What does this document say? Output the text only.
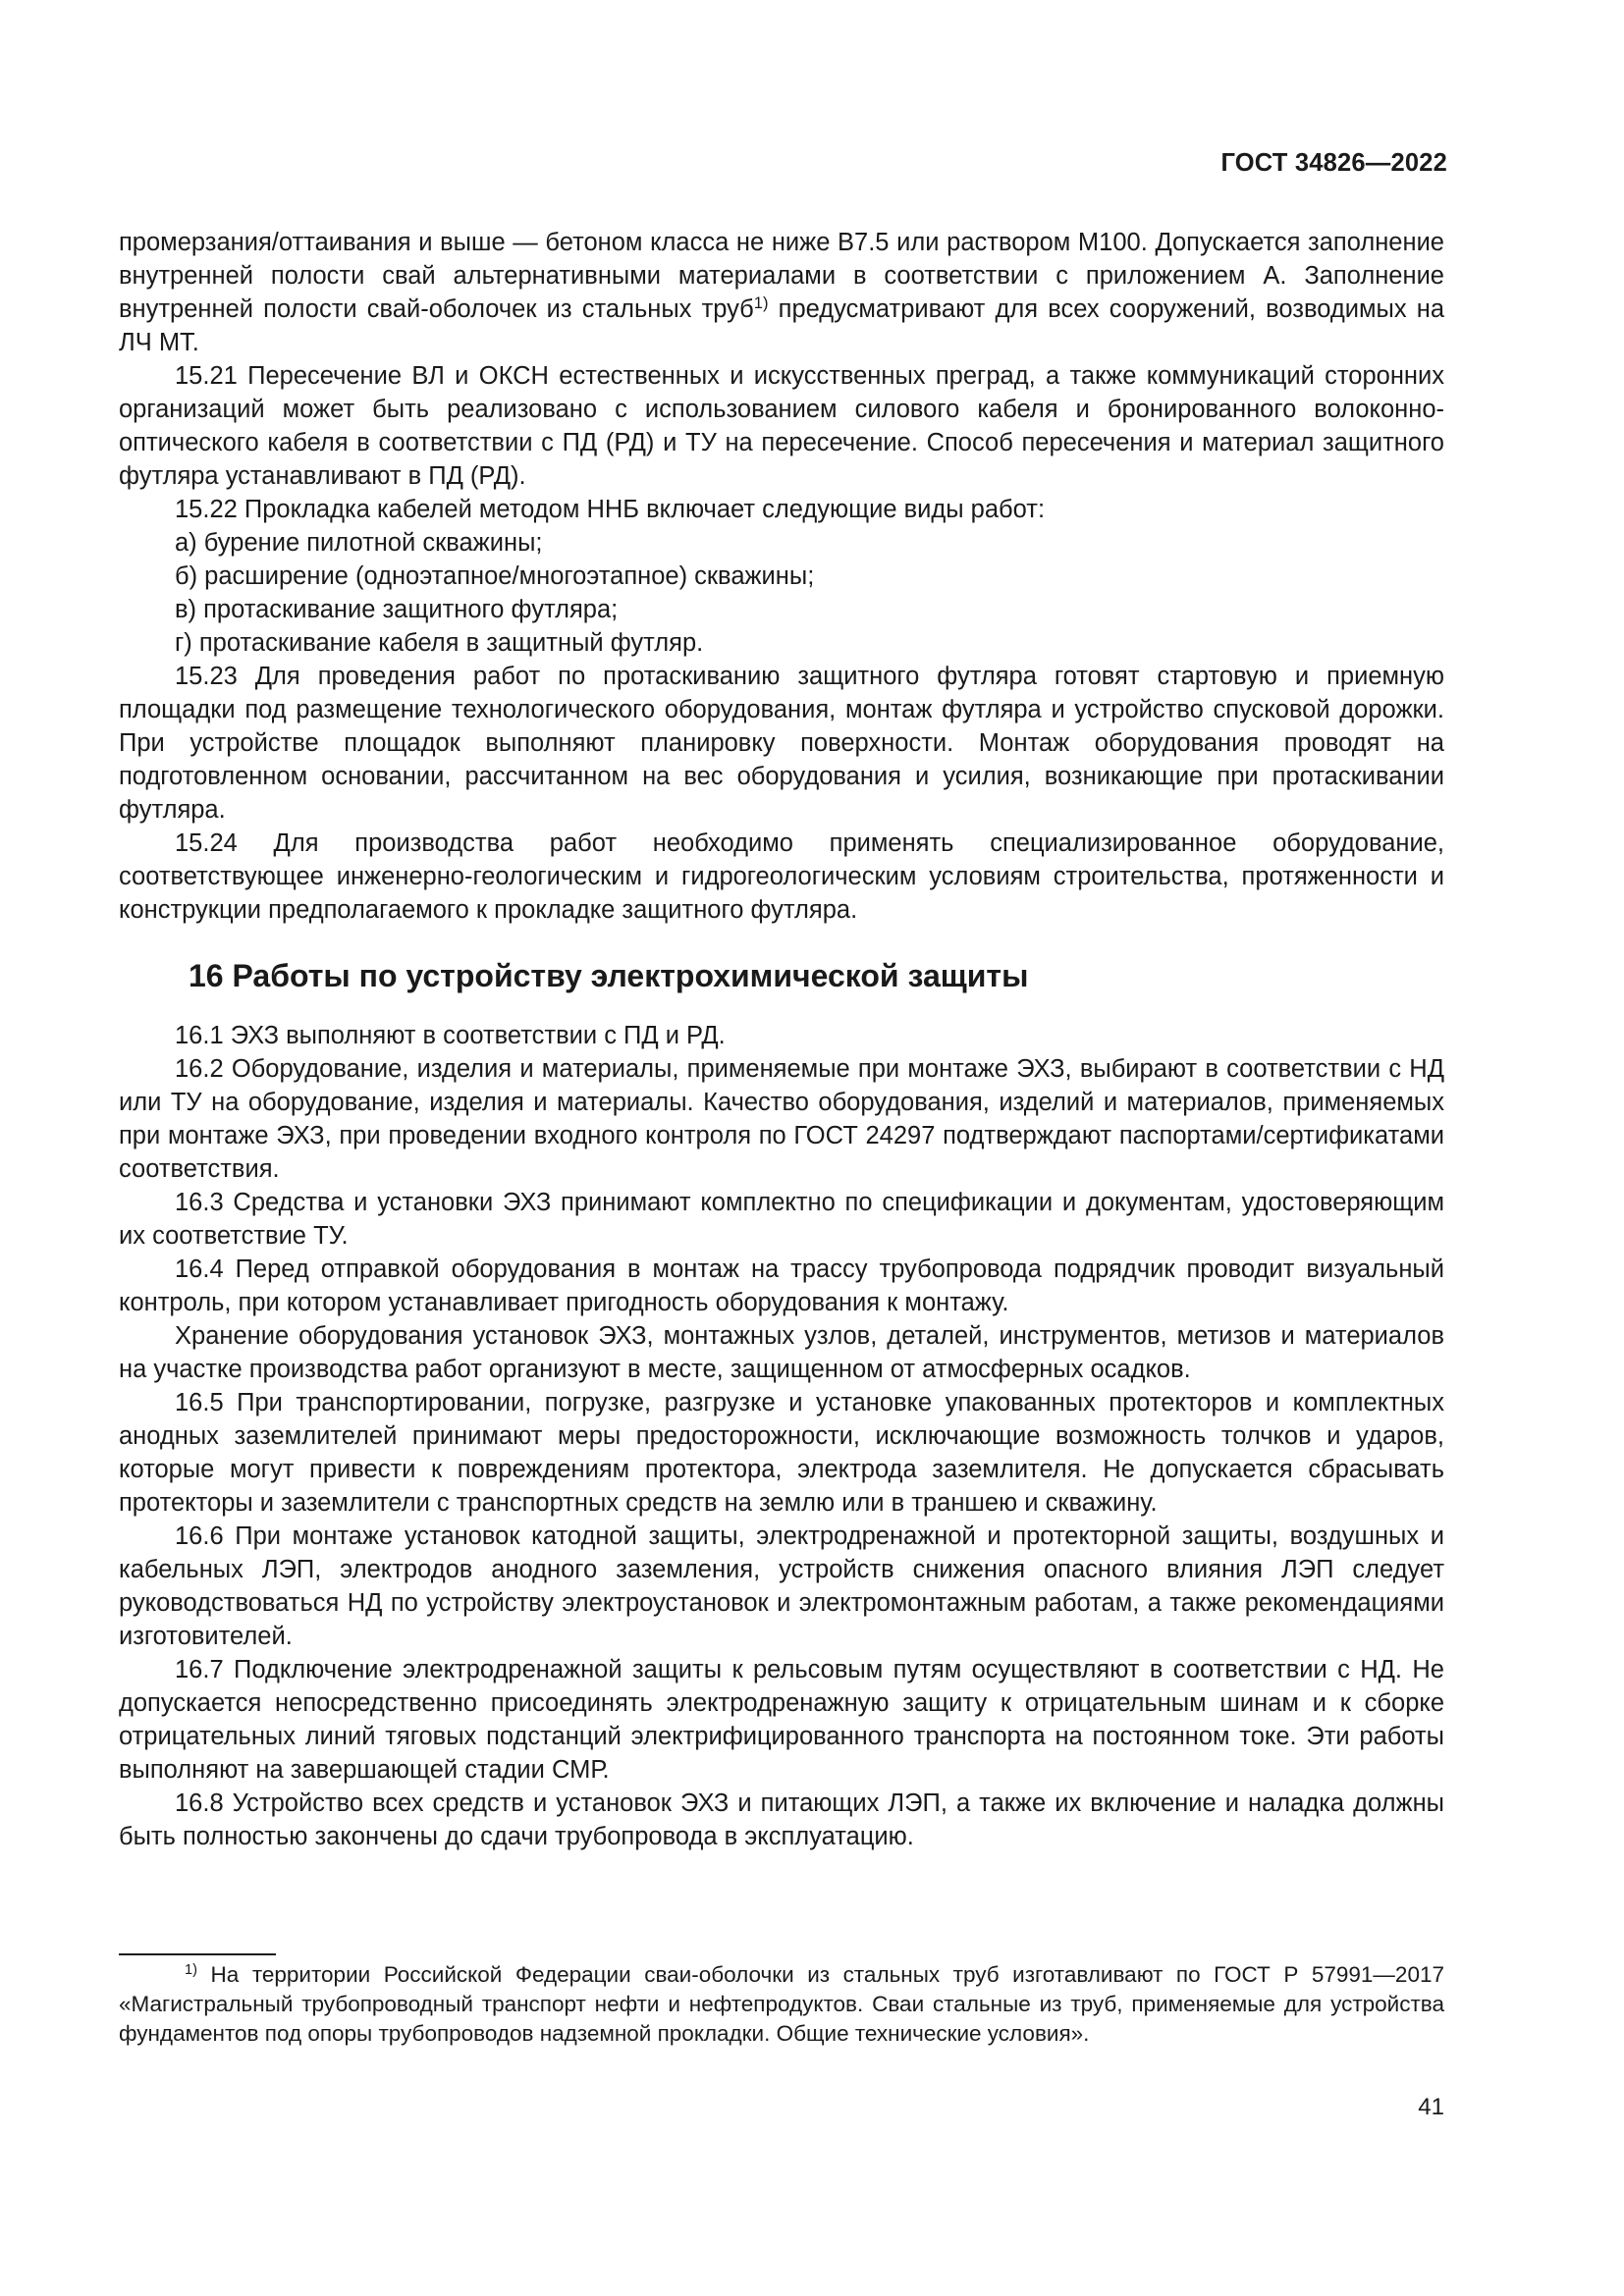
ГОСТ 34826—2022

промерзания/оттаивания и выше — бетоном класса не ниже В7.5 или раствором М100. Допускается заполнение внутренней полости свай альтернативными материалами в соответствии с приложением А. Заполнение внутренней полости свай-оболочек из стальных труб$^{1)}$ предусматривают для всех сооружений, возводимых на ЛЧ МТ.

15.21 Пересечение ВЛ и ОКСН естественных и искусственных преград, а также коммуникаций сторонних организаций может быть реализовано с использованием силового кабеля и бронированного волоконно-оптического кабеля в соответствии с ПД (РД) и ТУ на пересечение. Способ пересечения и материал защитного футляра устанавливают в ПД (РД).

15.22 Прокладка кабелей методом ННБ включает следующие виды работ:

а) бурение пилотной скважины;
б) расширение (одноэтапное/многоэтапное) скважины;
в) протаскивание защитного футляра;
г) протаскивание кабеля в защитный футляр.

15.23 Для проведения работ по протаскиванию защитного футляра готовят стартовую и приемную площадки под размещение технологического оборудования, монтаж футляра и устройство спусковой дорожки. При устройстве площадок выполняют планировку поверхности. Монтаж оборудования проводят на подготовленном основании, рассчитанном на вес оборудования и усилия, возникающие при протаскивании футляра.

15.24 Для производства работ необходимо применять специализированное оборудование, соответствующее инженерно-геологическим и гидрогеологическим условиям строительства, протяженности и конструкции предполагаемого к прокладке защитного футляра.

16 Работы по устройству электрохимической защиты

16.1 ЭХЗ выполняют в соответствии с ПД и РД.

16.2 Оборудование, изделия и материалы, применяемые при монтаже ЭХЗ, выбирают в соответствии с НД или ТУ на оборудование, изделия и материалы. Качество оборудования, изделий и материалов, применяемых при монтаже ЭХЗ, при проведении входного контроля по ГОСТ 24297 подтверждают паспортами/сертификатами соответствия.

16.3 Средства и установки ЭХЗ принимают комплектно по спецификации и документам, удостоверяющим их соответствие ТУ.

16.4 Перед отправкой оборудования в монтаж на трассу трубопровода подрядчик проводит визуальный контроль, при котором устанавливает пригодность оборудования к монтажу.

Хранение оборудования установок ЭХЗ, монтажных узлов, деталей, инструментов, метизов и материалов на участке производства работ организуют в месте, защищенном от атмосферных осадков.

16.5 При транспортировании, погрузке, разгрузке и установке упакованных протекторов и комплектных анодных заземлителей принимают меры предосторожности, исключающие возможность толчков и ударов, которые могут привести к повреждениям протектора, электрода заземлителя. Не допускается сбрасывать протекторы и заземлители с транспортных средств на землю или в траншею и скважину.

16.6 При монтаже установок катодной защиты, электродренажной и протекторной защиты, воздушных и кабельных ЛЭП, электродов анодного заземления, устройств снижения опасного влияния ЛЭП следует руководствоваться НД по устройству электроустановок и электромонтажным работам, а также рекомендациями изготовителей.

16.7 Подключение электродренажной защиты к рельсовым путям осуществляют в соответствии с НД. Не допускается непосредственно присоединять электродренажную защиту к отрицательным шинам и к сборке отрицательных линий тяговых подстанций электрифицированного транспорта на постоянном токе. Эти работы выполняют на завершающей стадии СМР.

16.8 Устройство всех средств и установок ЭХЗ и питающих ЛЭП, а также их включение и наладка должны быть полностью закончены до сдачи трубопровода в эксплуатацию.

$^{1)}$ На территории Российской Федерации сваи-оболочки из стальных труб изготавливают по ГОСТ Р 57991—2017 «Магистральный трубопроводный транспорт нефти и нефтепродуктов. Сваи стальные из труб, применяемые для устройства фундаментов под опоры трубопроводов надземной прокладки. Общие технические условия».

41
